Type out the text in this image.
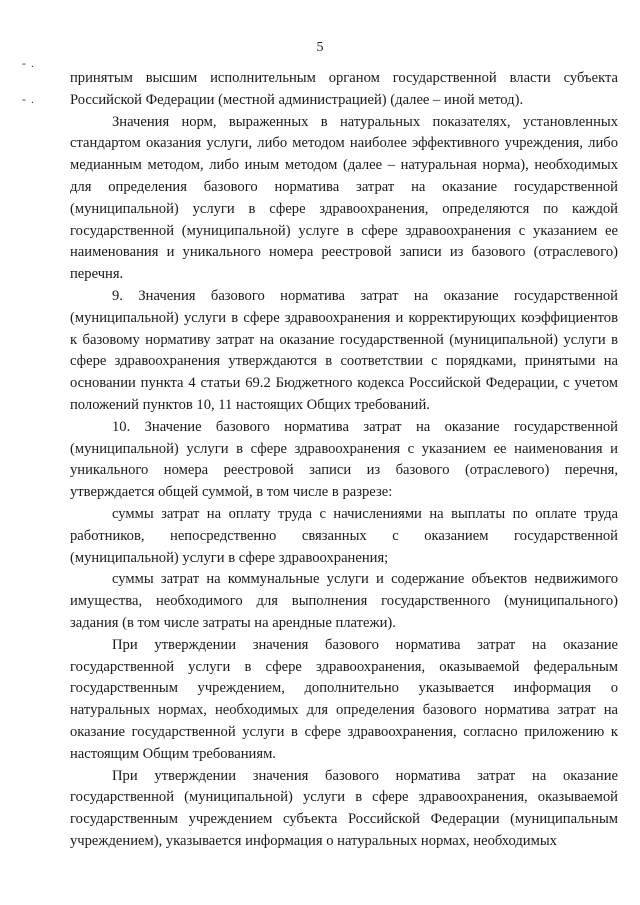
5
- .
- .

принятым высшим исполнительным органом государственной власти субъекта Российской Федерации (местной администрацией) (далее – иной метод).

Значения норм, выраженных в натуральных показателях, установленных стандартом оказания услуги, либо методом наиболее эффективного учреждения, либо медианным методом, либо иным методом (далее – натуральная норма), необходимых для определения базового норматива затрат на оказание государственной (муниципальной) услуги в сфере здравоохранения, определяются по каждой государственной (муниципальной) услуге в сфере здравоохранения с указанием ее наименования и уникального номера реестровой записи из базового (отраслевого) перечня.

9. Значения базового норматива затрат на оказание государственной (муниципальной) услуги в сфере здравоохранения и корректирующих коэффициентов к базовому нормативу затрат на оказание государственной (муниципальной) услуги в сфере здравоохранения утверждаются в соответствии с порядками, принятыми на основании пункта 4 статьи 69.2 Бюджетного кодекса Российской Федерации, с учетом положений пунктов 10, 11 настоящих Общих требований.

10. Значение базового норматива затрат на оказание государственной (муниципальной) услуги в сфере здравоохранения с указанием ее наименования и уникального номера реестровой записи из базового (отраслевого) перечня, утверждается общей суммой, в том числе в разрезе:

суммы затрат на оплату труда с начислениями на выплаты по оплате труда работников, непосредственно связанных с оказанием государственной (муниципальной) услуги в сфере здравоохранения;

суммы затрат на коммунальные услуги и содержание объектов недвижимого имущества, необходимого для выполнения государственного (муниципального) задания (в том числе затраты на арендные платежи).

При утверждении значения базового норматива затрат на оказание государственной услуги в сфере здравоохранения, оказываемой федеральным государственным учреждением, дополнительно указывается информация о натуральных нормах, необходимых для определения базового норматива затрат на оказание государственной услуги в сфере здравоохранения, согласно приложению к настоящим Общим требованиям.

При утверждении значения базового норматива затрат на оказание государственной (муниципальной) услуги в сфере здравоохранения, оказываемой государственным учреждением субъекта Российской Федерации (муниципальным учреждением), указывается информация о натуральных нормах, необходимых
